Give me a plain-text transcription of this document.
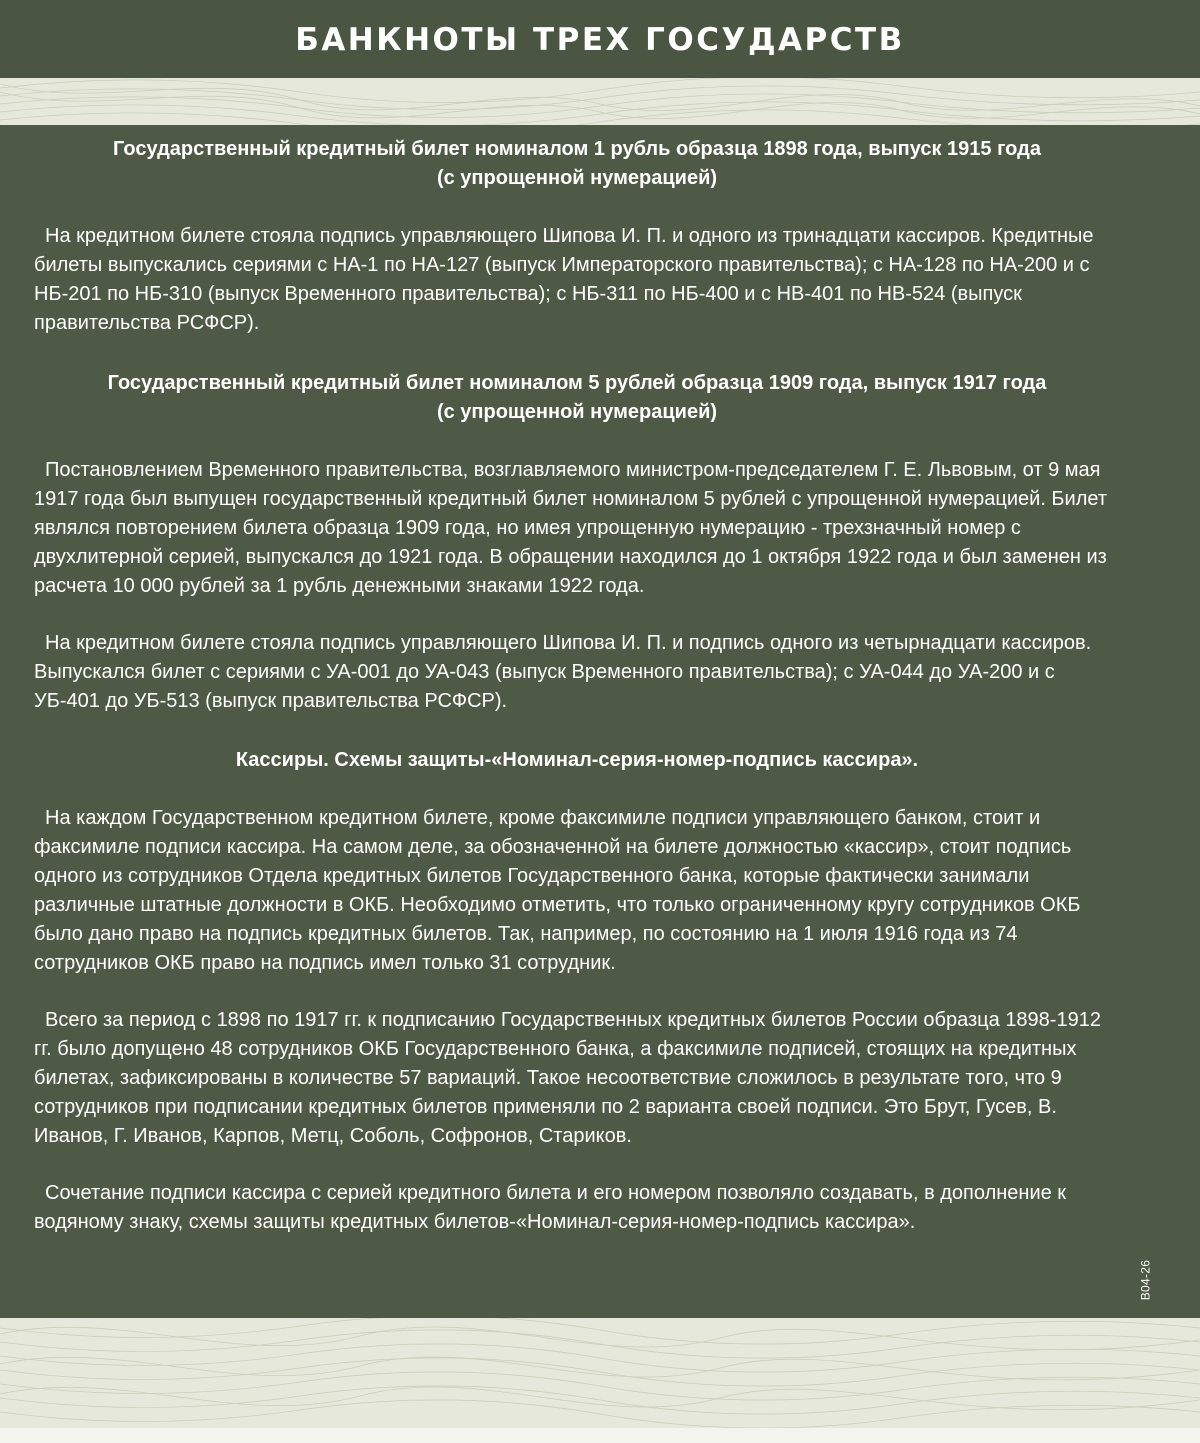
БАНКНОТЫ ТРЕХ ГОСУДАРСТВ

Государственный кредитный билет номиналом 1 рубль образца 1898 года, выпуск 1915 года
(с упрощенной нумерацией)

На кредитном билете стояла подпись управляющего Шипова И. П. и одного из тринадцати кассиров. Кредитные билеты выпускались сериями с НА-1 по НА-127 (выпуск Императорского правительства); с НА-128 по НА-200 и с НБ-201 по НБ-310 (выпуск Временного правительства); с НБ-311 по НБ-400 и с НВ-401 по НВ-524 (выпуск правительства РСФСР).

Государственный кредитный билет номиналом 5 рублей образца 1909 года, выпуск 1917 года
(с упрощенной нумерацией)

Постановлением Временного правительства, возглавляемого министром-председателем Г. Е. Львовым, от 9 мая 1917 года был выпущен государственный кредитный билет номиналом 5 рублей с упрощенной нумерацией. Билет являлся повторением билета образца 1909 года, но имея упрощенную нумерацию - трехзначный номер с двухлитерной серией, выпускался до 1921 года. В обращении находился до 1 октября 1922 года и был заменен из расчета 10 000 рублей за 1 рубль денежными знаками 1922 года.

На кредитном билете стояла подпись управляющего Шипова И. П. и подпись одного из четырнадцати кассиров. Выпускался билет с сериями с УА-001 до УА-043 (выпуск Временного правительства); с УА-044 до УА-200 и с УБ-401 до УБ-513 (выпуск правительства РСФСР).

Кассиры. Схемы защиты-«Номинал-серия-номер-подпись кассира».

На каждом Государственном кредитном билете, кроме факсимиле подписи управляющего банком, стоит и факсимиле подписи кассира. На самом деле, за обозначенной на билете должностью «кассир», стоит подпись одного из сотрудников Отдела кредитных билетов Государственного банка, которые фактически занимали различные штатные должности в ОКБ. Необходимо отметить, что только ограниченному кругу сотрудников ОКБ было дано право на подпись кредитных билетов. Так, например, по состоянию на 1 июля 1916 года из 74 сотрудников ОКБ право на подпись имел только 31 сотрудник.

Всего за период с 1898 по 1917 гг. к подписанию Государственных кредитных билетов России образца 1898-1912 гг. было допущено 48 сотрудников ОКБ Государственного банка, а факсимиле подписей, стоящих на кредитных билетах, зафиксированы в количестве 57 вариаций. Такое несоответствие сложилось в результате того, что 9 сотрудников при подписании кредитных билетов применяли по 2 варианта своей подписи. Это Брут, Гусев, В. Иванов, Г. Иванов, Карпов, Метц, Соболь, Софронов, Стариков.

Сочетание подписи кассира с серией кредитного билета и его номером позволяло создавать, в дополнение к водяному знаку, схемы защиты кредитных билетов-«Номинал-серия-номер-подпись кассира».

В04-26
